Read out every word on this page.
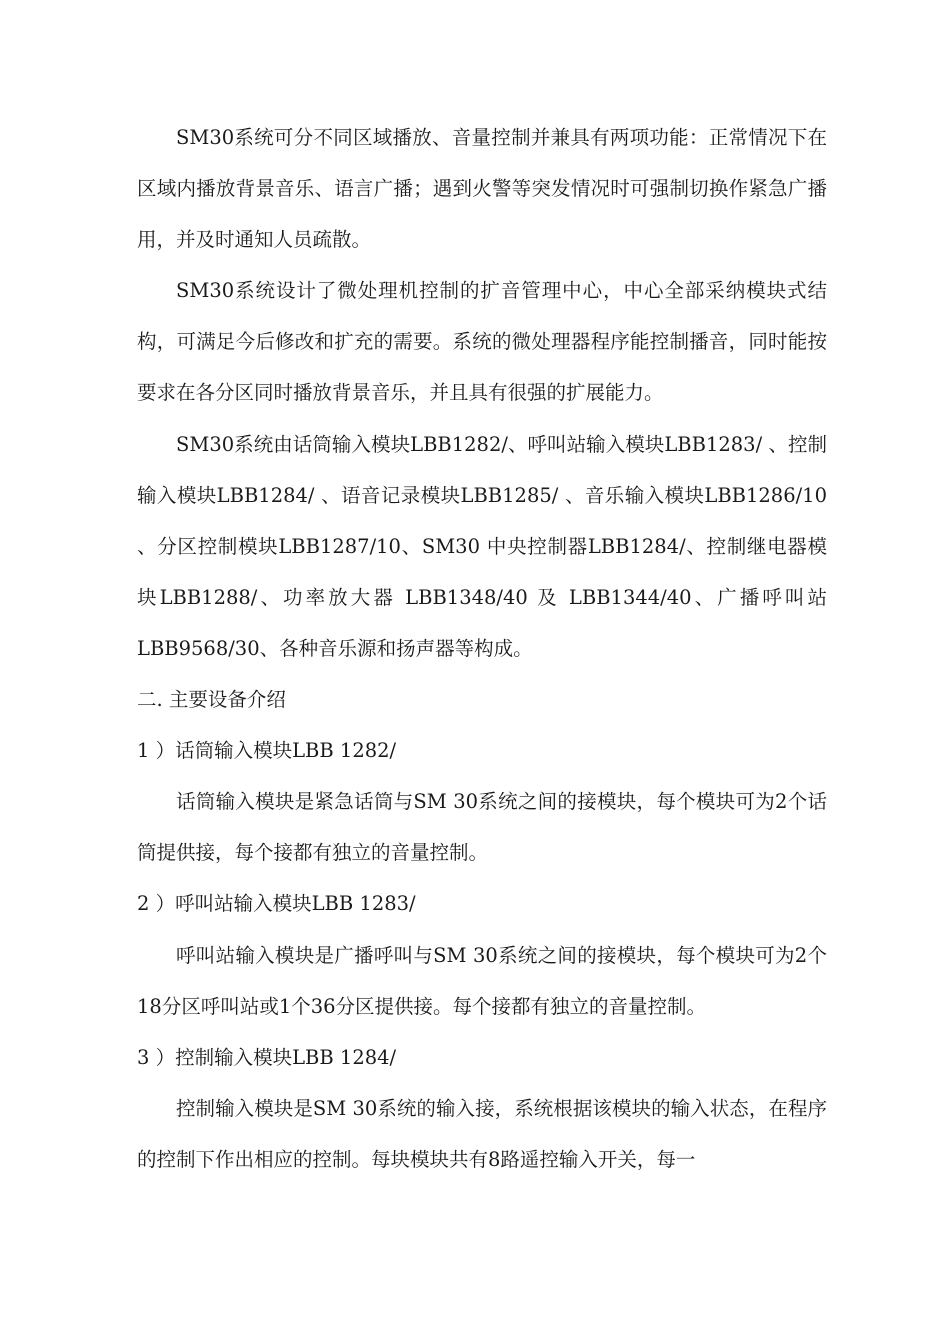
SM30系统可分不同区域播放、音量控制并兼具有两项功能：正常情况下在区域内播放背景音乐、语言广播；遇到火警等突发情况时可强制切换作紧急广播用，并及时通知人员疏散。

SM30系统设计了微处理机控制的扩音管理中心，中心全部采纳模块式结构，可满足今后修改和扩充的需要。系统的微处理器程序能控制播音，同时能按要求在各分区同时播放背景音乐，并且具有很强的扩展能力。

SM30系统由话筒输入模块LBB1282/、呼叫站输入模块LBB1283/ 、控制输入模块LBB1284/ 、语音记录模块LBB1285/ 、音乐输入模块LBB1286/10 、分区控制模块LBB1287/10、SM30 中央控制器LBB1284/、控制继电器模块LBB1288/、功率放大器 LBB1348/40 及 LBB1344/40、广播呼叫站LBB9568/30、各种音乐源和扬声器等构成。

二. 主要设备介绍

1 ）话筒输入模块LBB 1282/

话筒输入模块是紧急话筒与SM 30系统之间的接模块，每个模块可为2个话筒提供接，每个接都有独立的音量控制。

2 ）呼叫站输入模块LBB 1283/

呼叫站输入模块是广播呼叫与SM 30系统之间的接模块，每个模块可为2个18分区呼叫站或1个36分区提供接。每个接都有独立的音量控制。

3 ）控制输入模块LBB 1284/

控制输入模块是SM 30系统的输入接，系统根据该模块的输入状态，在程序的控制下作出相应的控制。每块模块共有8路遥控输入开关，每一
